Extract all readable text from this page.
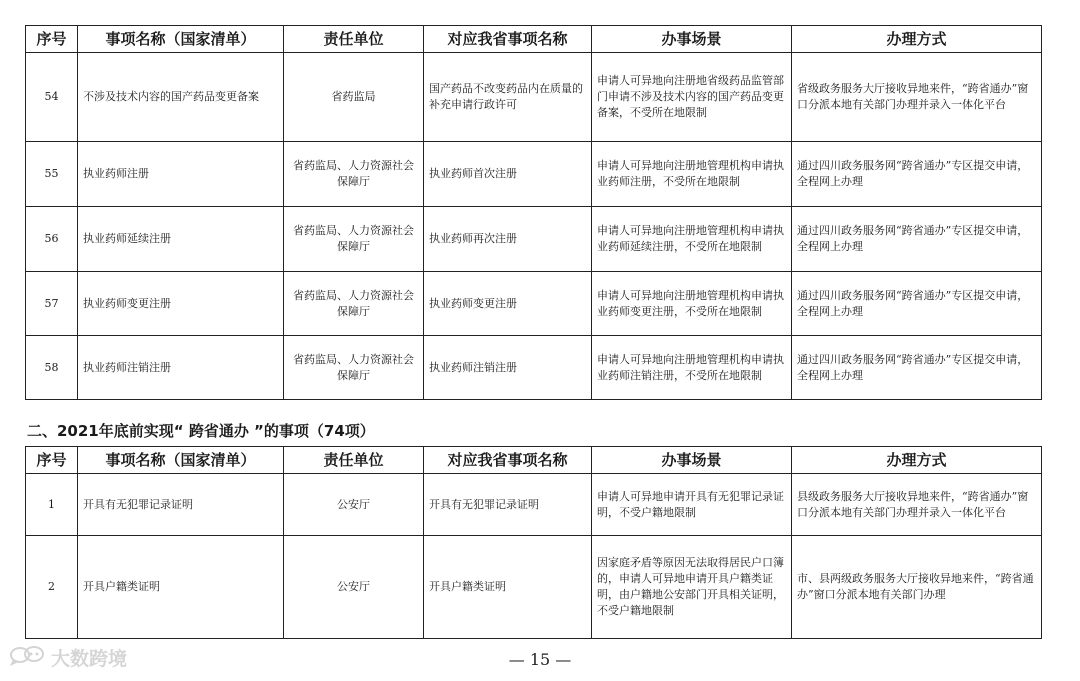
序号	事项名称（国家清单）	责任单位	对应我省事项名称	办事场景	办理方式
54	不涉及技术内容的国产药品变更备案	省药监局	国产药品不改变药品内在质量的补充申请行政许可	申请人可异地向注册地省级药品监管部门申请不涉及技术内容的国产药品变更备案，不受所在地限制	省级政务服务大厅接收异地来件，“跨省通办”窗口分派本地有关部门办理并录入一体化平台
55	执业药师注册	省药监局、人力资源社会保障厅	执业药师首次注册	申请人可异地向注册地管理机构申请执业药师注册，不受所在地限制	通过四川政务服务网“跨省通办”专区提交申请，全程网上办理
56	执业药师延续注册	省药监局、人力资源社会保障厅	执业药师再次注册	申请人可异地向注册地管理机构申请执业药师延续注册，不受所在地限制	通过四川政务服务网“跨省通办”专区提交申请，全程网上办理
57	执业药师变更注册	省药监局、人力资源社会保障厅	执业药师变更注册	申请人可异地向注册地管理机构申请执业药师变更注册，不受所在地限制	通过四川政务服务网“跨省通办”专区提交申请，全程网上办理
58	执业药师注销注册	省药监局、人力资源社会保障厅	执业药师注销注册	申请人可异地向注册地管理机构申请执业药师注销注册，不受所在地限制	通过四川政务服务网“跨省通办”专区提交申请，全程网上办理
二、2021年底前实现“ 跨省通办 ”的事项（74项）
序号	事项名称（国家清单）	责任单位	对应我省事项名称	办事场景	办理方式
1	开具有无犯罪记录证明	公安厅	开具有无犯罪记录证明	申请人可异地申请开具有无犯罪记录证明，不受户籍地限制	县级政务服务大厅接收异地来件，“跨省通办”窗口分派本地有关部门办理并录入一体化平台
2	开具户籍类证明	公安厅	开具户籍类证明	因家庭矛盾等原因无法取得居民户口簿的，申请人可异地申请开具户籍类证明，由户籍地公安部门开具相关证明，不受户籍地限制	市、县两级政务服务大厅接收异地来件，“跨省通办”窗口分派本地有关部门办理
— 15 —
大数跨境
